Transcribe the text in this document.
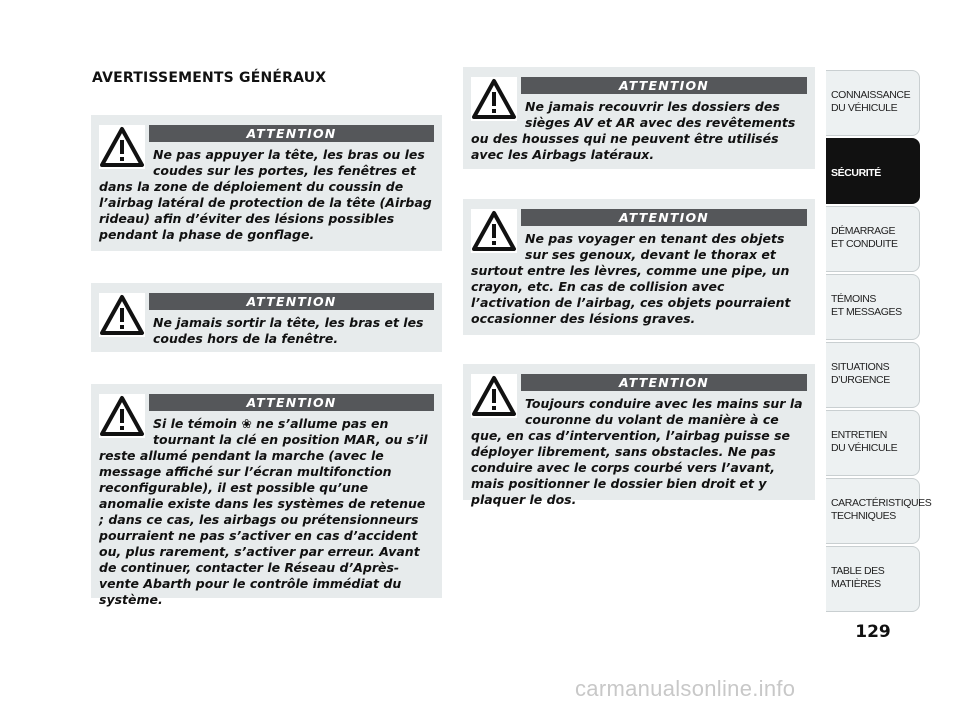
AVERTISSEMENTS GÉNÉRAUX
ATTENTION

Ne pas appuyer la tête, les bras ou les coudes sur les portes, les fenêtres et dans la zone de déploiement du coussin de l’airbag latéral de protection de la tête (Airbag rideau) afin d’éviter des lésions possibles pendant la phase de gonflage.

ATTENTION

Ne jamais sortir la tête, les bras et les coudes hors de la fenêtre.

ATTENTION

Si le témoin ❀ ne s’allume pas en tournant la clé en position MAR, ou s’il reste allumé pendant la marche (avec le message affiché sur l’écran multifonction reconfigurable), il est possible qu’une anomalie existe dans les systèmes de retenue ; dans ce cas, les airbags ou prétensionneurs pourraient ne pas s’activer en cas d’accident ou, plus rarement, s’activer par erreur. Avant de continuer, contacter le Réseau d’Après-vente Abarth pour le contrôle immédiat du système.

ATTENTION

Ne jamais recouvrir les dossiers des sièges AV et AR avec des revêtements ou des housses qui ne peuvent être utilisés avec les Airbags latéraux.

ATTENTION

Ne pas voyager en tenant des objets sur ses genoux, devant le thorax et surtout entre les lèvres, comme une pipe, un crayon, etc. En cas de collision avec l’activation de l’airbag, ces objets pourraient occasionner des lésions graves.

ATTENTION

Toujours conduire avec les mains sur la couronne du volant de manière à ce que, en cas d’intervention, l’airbag puisse se déployer librement, sans obstacles. Ne pas conduire avec le corps courbé vers l’avant, mais positionner le dossier bien droit et y plaquer le dos.

CONNAISSANCE
DU VÉHICULE
SÉCURITÉ
DÉMARRAGE
ET CONDUITE
TÉMOINS
ET MESSAGES
SITUATIONS
D’URGENCE
ENTRETIEN
DU VÉHICULE
CARACTÉRISTIQUES
TECHNIQUES
TABLE DES
MATIÈRES
129
carmanualsonline.info
